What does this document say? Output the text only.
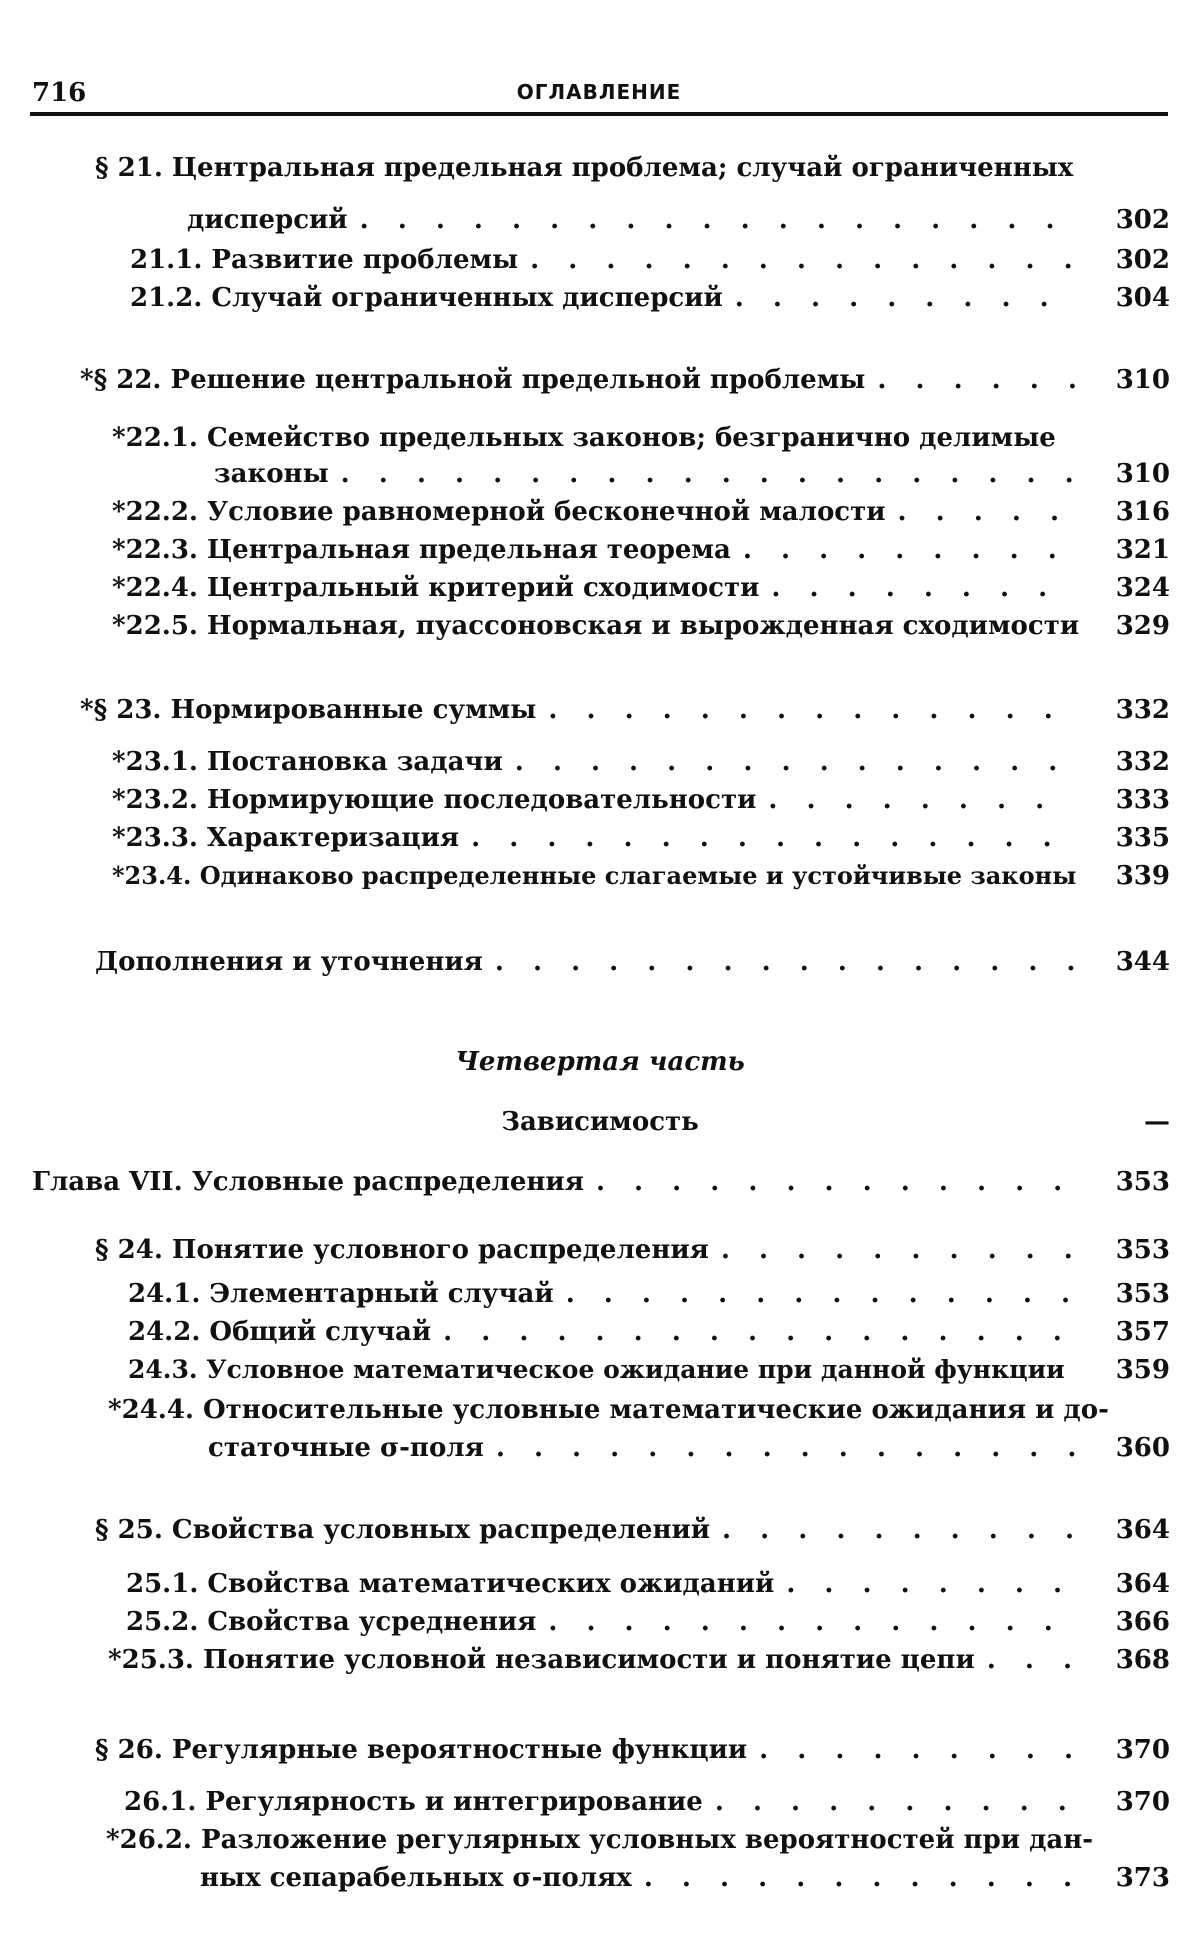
716	ОГЛАВЛЕНИЕ
§ 21. Центральная предельная проблема; случай ограниченных
дисперсий . . .	302
21.1. Развитие проблемы . . .	302
21.2. Случай ограниченных дисперсий . . .	304
*§ 22. Решение центральной предельной проблемы . . .	310
*22.1. Семейство предельных законов; безгранично делимые
законы . . .	310
*22.2. Условие равномерной бесконечной малости . . .	316
*22.3. Центральная предельная теорема . . .	321
*22.4. Центральный критерий сходимости . . .	324
*22.5. Нормальная, пуассоновская и вырожденная сходимости 329
*§ 23. Нормированные суммы . . .	332
*23.1. Постановка задачи . . .	332
*23.2. Нормирующие последовательности . . .	333
*23.3. Характеризация . . .	335
*23.4. Одинаково распределенные слагаемые и устойчивые законы 339
Дополнения и уточнения . . .	344
Четвертая часть
Зависимость	—
Глава VII. Условные распределения . . .	353
§ 24. Понятие условного распределения . . .	353
24.1. Элементарный случай . . .	353
24.2. Общий случай . . .	357
24.3. Условное математическое ожидание при данной функции 359
*24.4. Относительные условные математические ожидания и до-
статочные σ-поля . . .	360
§ 25. Свойства условных распределений . . .	364
25.1. Свойства математических ожиданий . . .	364
25.2. Свойства усреднения . . .	366
*25.3. Понятие условной независимости и понятие цепи . . .	368
§ 26. Регулярные вероятностные функции . . .	370
26.1. Регулярность и интегрирование . . .	370
*26.2. Разложение регулярных условных вероятностей при дан-
ных сепарабельных σ-полях . . .	373
